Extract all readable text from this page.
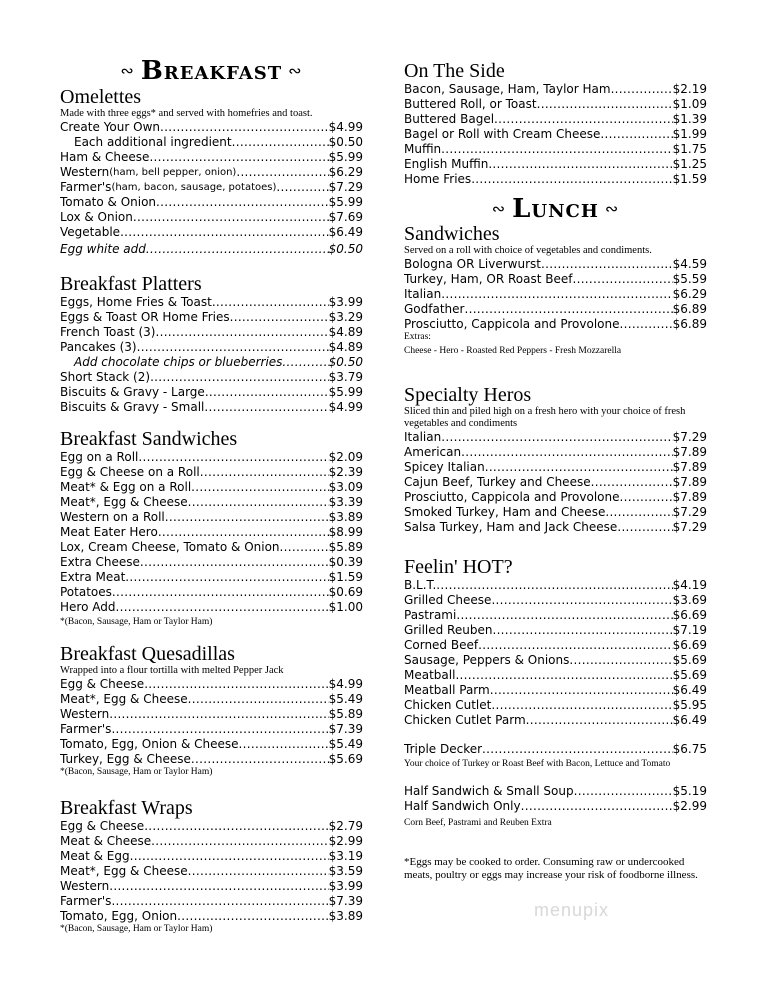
∾ Breakfast ∾
Omelettes
Made with three eggs* and served with homefries and toast.
Create Your Own .....	$4.99
Each additional ingredient .....	$0.50
Ham & Cheese .....	$5.99
Western (ham, bell pepper, onion) .....	$6.29
Farmer's (ham, bacon, sausage, potatoes) .....	$7.29
Tomato & Onion .....	$5.99
Lox & Onion .....	$7.69
Vegetable .....	$6.49
Egg white add .....	$0.50
Breakfast Platters
Eggs, Home Fries & Toast .....	$3.99
Eggs & Toast OR Home Fries .....	$3.29
French Toast (3) .....	$4.89
Pancakes (3) .....	$4.89
Add chocolate chips or blueberries .....	$0.50
Short Stack (2) .....	$3.79
Biscuits & Gravy - Large .....	$5.99
Biscuits & Gravy - Small .....	$4.99
Breakfast Sandwiches
Egg on a Roll .....	$2.09
Egg & Cheese on a Roll .....	$2.39
Meat* & Egg on a Roll .....	$3.09
Meat*, Egg & Cheese .....	$3.39
Western on a Roll .....	$3.89
Meat Eater Hero .....	$8.99
Lox, Cream Cheese, Tomato & Onion .....	$5.89
Extra Cheese .....	$0.39
Extra Meat .....	$1.59
Potatoes .....	$0.69
Hero Add .....	$1.00
*(Bacon, Sausage, Ham or Taylor Ham)
Breakfast Quesadillas
Wrapped into a flour tortilla with melted Pepper Jack
Egg & Cheese .....	$4.99
Meat*, Egg & Cheese .....	$5.49
Western .....	$5.89
Farmer's .....	$7.39
Tomato, Egg, Onion & Cheese .....	$5.49
Turkey, Egg & Cheese .....	$5.69
*(Bacon, Sausage, Ham or Taylor Ham)
Breakfast Wraps
Egg & Cheese .....	$2.79
Meat & Cheese .....	$2.99
Meat & Egg .....	$3.19
Meat*, Egg & Cheese .....	$3.59
Western .....	$3.99
Farmer's .....	$7.39
Tomato, Egg, Onion .....	$3.89
*(Bacon, Sausage, Ham or Taylor Ham)
On The Side
Bacon, Sausage, Ham, Taylor Ham .....	$2.19
Buttered Roll, or Toast .....	$1.09
Buttered Bagel .....	$1.39
Bagel or Roll with Cream Cheese .....	$1.99
Muffin .....	$1.75
English Muffin .....	$1.25
Home Fries .....	$1.59
∾ Lunch ∾
Sandwiches
Served on a roll with choice of vegetables and condiments.
Bologna OR Liverwurst .....	$4.59
Turkey, Ham, OR Roast Beef .....	$5.59
Italian .....	$6.29
Godfather .....	$6.89
Prosciutto, Cappicola and Provolone .....	$6.89
Extras:
Cheese - Hero - Roasted Red Peppers - Fresh Mozzarella
Specialty Heros
Sliced thin and piled high on a fresh hero with your choice of fresh vegetables and condiments
Italian .....	$7.29
American .....	$7.89
Spicey Italian .....	$7.89
Cajun Beef, Turkey and Cheese .....	$7.89
Prosciutto, Cappicola and Provolone .....	$7.89
Smoked Turkey, Ham and Cheese .....	$7.29
Salsa Turkey, Ham and Jack Cheese .....	$7.29
Feelin' HOT?
B.L.T. .....	$4.19
Grilled Cheese .....	$3.69
Pastrami .....	$6.69
Grilled Reuben .....	$7.19
Corned Beef .....	$6.69
Sausage, Peppers & Onions .....	$5.69
Meatball .....	$5.69
Meatball Parm .....	$6.49
Chicken Cutlet .....	$5.95
Chicken Cutlet Parm .....	$6.49
Triple Decker .....	$6.75
Your choice of Turkey or Roast Beef with Bacon, Lettuce and Tomato
Half Sandwich & Small Soup .....	$5.19
Half Sandwich Only .....	$2.99
Corn Beef, Pastrami and Reuben Extra
*Eggs may be cooked to order. Consuming raw or undercooked meats, poultry or eggs may increase your risk of foodborne illness.
menupix
